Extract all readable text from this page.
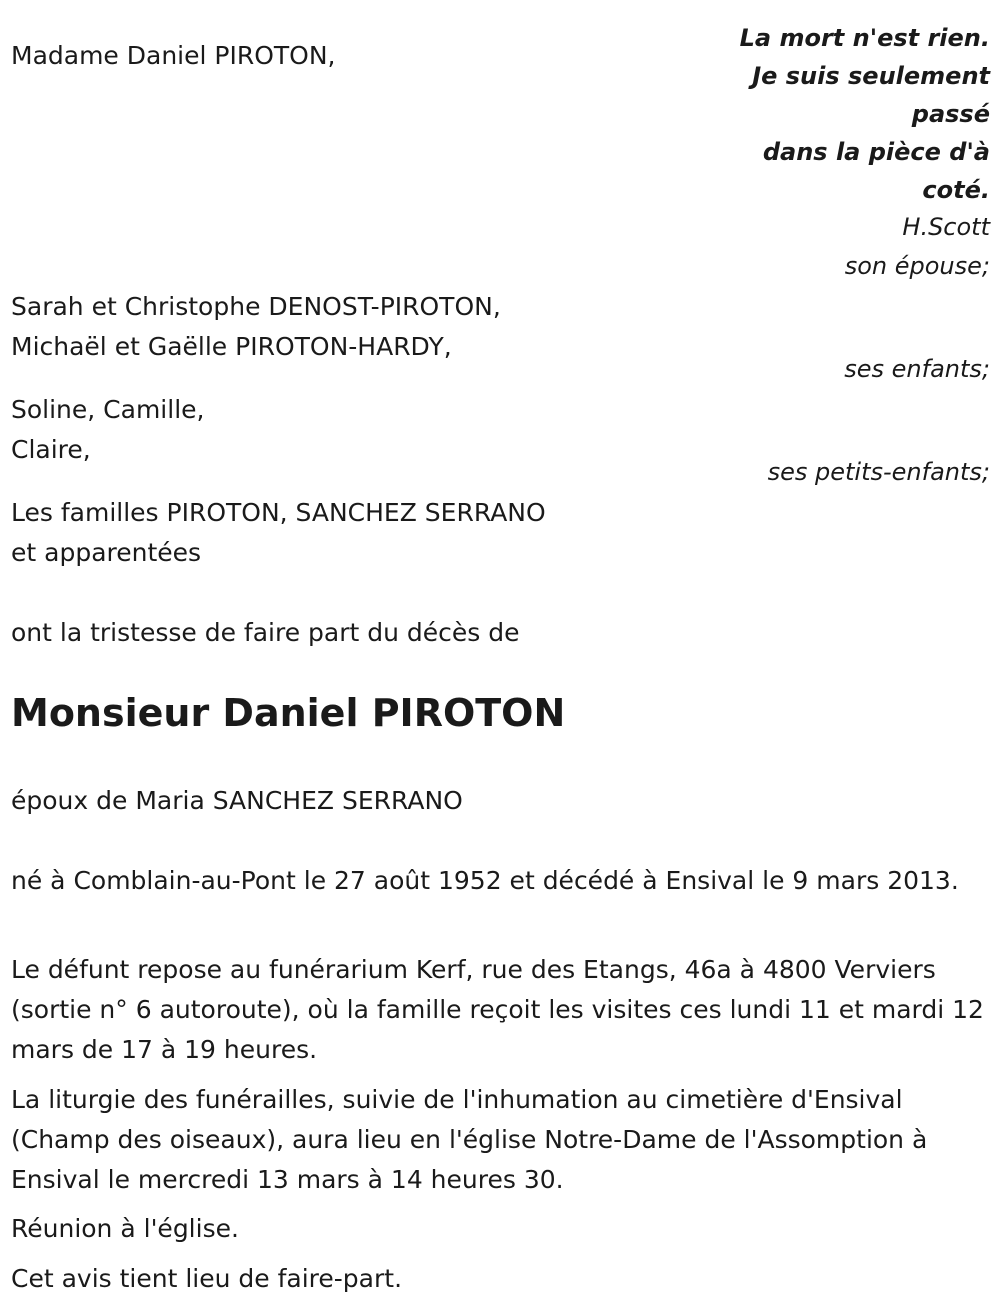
Madame Daniel PIROTON,
La mort n'est rien.
Je suis seulement
passé
dans la pièce d'à
coté.
H.Scott
son épouse;
Sarah et Christophe DENOST-PIROTON,
Michaël et Gaëlle PIROTON-HARDY,
ses enfants;
Soline, Camille,
Claire,
ses petits-enfants;
Les familles PIROTON, SANCHEZ SERRANO
et apparentées
ont la tristesse de faire part du décès de
Monsieur Daniel PIROTON
époux de Maria SANCHEZ SERRANO
né à Comblain-au-Pont le 27 août 1952 et décédé à Ensival le 9 mars 2013.
Le défunt repose au funérarium Kerf, rue des Etangs, 46a à 4800 Verviers (sortie n° 6 autoroute), où la famille reçoit les visites ces lundi 11 et mardi 12 mars de 17 à 19 heures.
La liturgie des funérailles, suivie de l'inhumation au cimetière d'Ensival (Champ des oiseaux), aura lieu en l'église Notre-Dame de l'Assomption à Ensival le mercredi 13 mars à 14 heures 30.
Réunion à l'église.
Cet avis tient lieu de faire-part.
